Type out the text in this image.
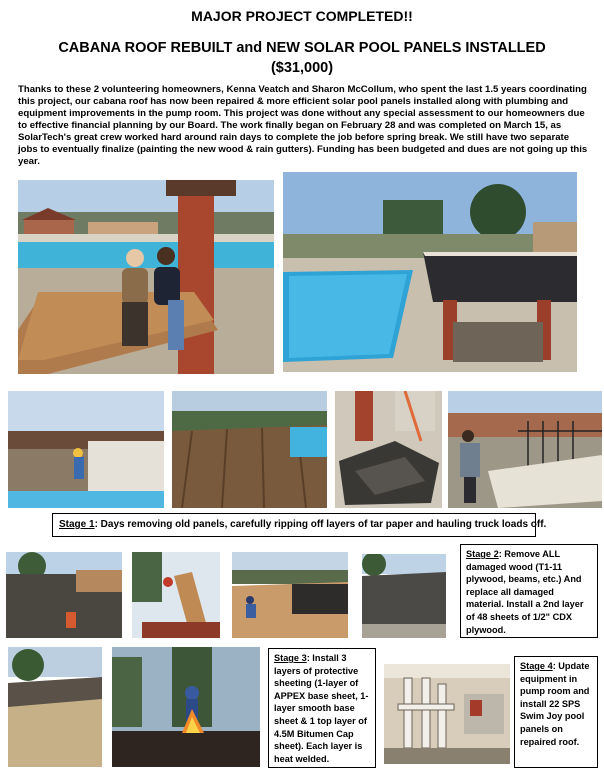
MAJOR PROJECT COMPLETED!!
CABANA ROOF REBUILT and NEW SOLAR POOL PANELS INSTALLED
($31,000)
Thanks to these 2 volunteering homeowners, Kenna Veatch and Sharon McCollum, who spent the last 1.5 years coordinating this project, our cabana roof has now been repaired & more efficient solar pool panels installed along with plumbing and equipment improvements in the pump room. This project was done without any special assessment to our homeowners due to effective financial planning by our Board. The work finally began on February 28 and was completed on March 15, as SolarTech's great crew worked hard around rain days to complete the job before spring break. We still have two separate jobs to eventually finalize (painting the new wood & rain gutters). Funding has been budgeted and dues are not going up this year.
Stage 1: Days removing old panels, carefully ripping off layers of tar paper and hauling truck loads off.
Stage 2: Remove ALL damaged wood (T1-11 plywood, beams, etc.) And replace all damaged material. Install a 2nd layer of 48 sheets of 1/2" CDX plywood.
Stage 3: Install 3 layers of protective sheeting (1-layer of APPEX base sheet, 1-layer smooth base sheet & 1 top layer of 4.5M Bitumen Cap sheet). Each layer is heat welded.
Stage 4: Update equipment in pump room and install 22 SPS Swim Joy pool panels on repaired roof.
